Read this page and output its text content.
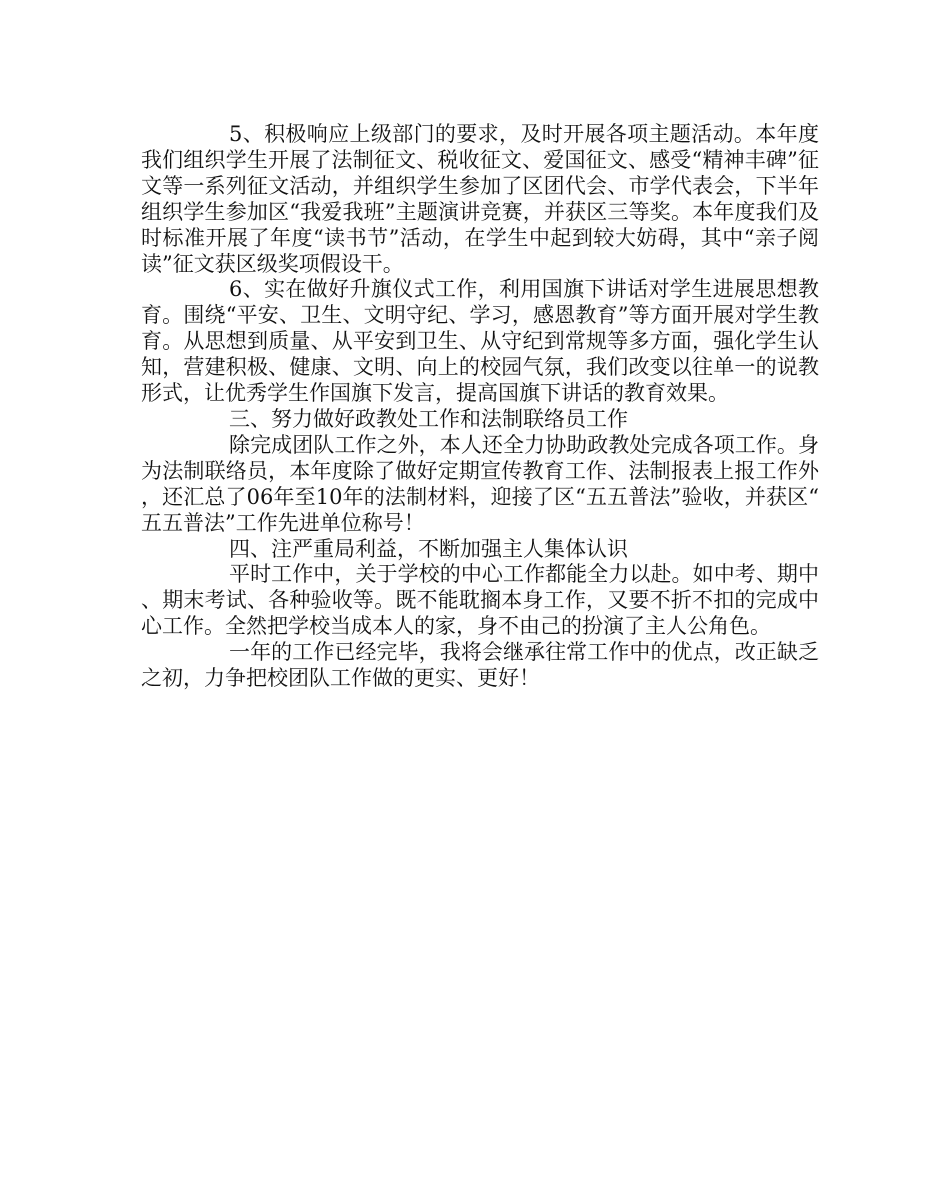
5、积极响应上级部门的要求，及时开展各项主题活动。本年度我们组织学生开展了法制征文、税收征文、爱国征文、感受“精神丰碑”征文等一系列征文活动，并组织学生参加了区团代会、市学代表会，下半年组织学生参加区“我爱我班”主题演讲竞赛，并获区三等奖。本年度我们及时标准开展了年度“读书节”活动，在学生中起到较大妨碍，其中“亲子阅读”征文获区级奖项假设干。

6、实在做好升旗仪式工作，利用国旗下讲话对学生进展思想教育。围绕“平安、卫生、文明守纪、学习，感恩教育”等方面开展对学生教育。从思想到质量、从平安到卫生、从守纪到常规等多方面，强化学生认知，营建积极、健康、文明、向上的校园气氛，我们改变以往单一的说教形式，让优秀学生作国旗下发言，提高国旗下讲话的教育效果。

三、努力做好政教处工作和法制联络员工作

除完成团队工作之外，本人还全力协助政教处完成各项工作。身为法制联络员，本年度除了做好定期宣传教育工作、法制报表上报工作外，还汇总了06年至10年的法制材料，迎接了区“五五普法”验收，并获区“五五普法”工作先进单位称号！

四、注严重局利益，不断加强主人集体认识

平时工作中，关于学校的中心工作都能全力以赴。如中考、期中、期末考试、各种验收等。既不能耽搁本身工作，又要不折不扣的完成中心工作。全然把学校当成本人的家，身不由己的扮演了主人公角色。

一年的工作已经完毕，我将会继承往常工作中的优点，改正缺乏之初，力争把校团队工作做的更实、更好！
